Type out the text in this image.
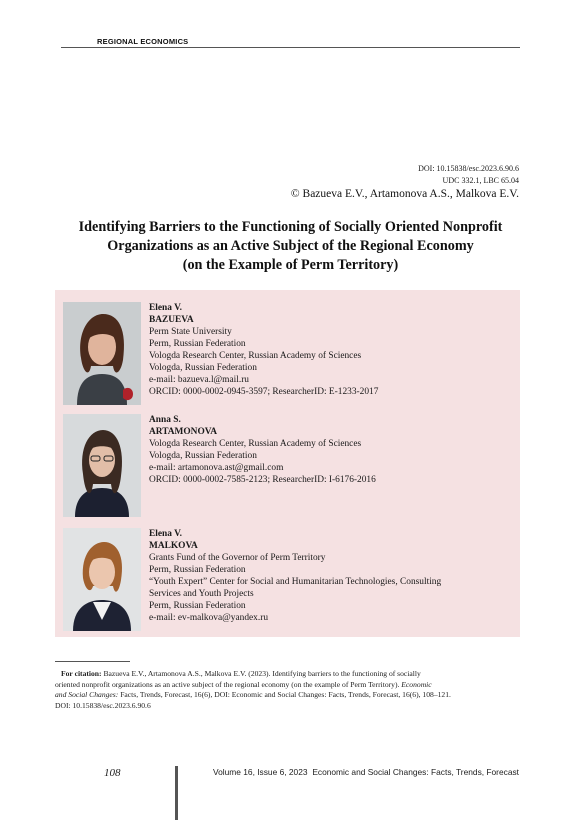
REGIONAL ECONOMICS
DOI: 10.15838/esc.2023.6.90.6
UDC 332.1, LBC 65.04
© Bazueva E.V., Artamonova A.S., Malkova E.V.
Identifying Barriers to the Functioning of Socially Oriented Nonprofit
Organizations as an Active Subject of the Regional Economy
(on the Example of Perm Territory)
Elena V.
BAZUEVA
Perm State University
Perm, Russian Federation
Vologda Research Center, Russian Academy of Sciences
Vologda, Russian Federation
e-mail: bazueva.l@mail.ru
ORCID: 0000-0002-0945-3597; ResearcherID: E-1233-2017
Anna S.
ARTAMONOVA
Vologda Research Center, Russian Academy of Sciences
Vologda, Russian Federation
e-mail: artamonova.ast@gmail.com
ORCID: 0000-0002-7585-2123; ResearcherID: I-6176-2016
Elena V.
MALKOVA
Grants Fund of the Governor of Perm Territory
Perm, Russian Federation
“Youth Expert” Center for Social and Humanitarian Technologies, Consulting
Services and Youth Projects
Perm, Russian Federation
e-mail: ev-malkova@yandex.ru
For citation: Bazueva E.V., Artamonova A.S., Malkova E.V. (2023). Identifying barriers to the functioning of socially
oriented nonprofit organizations as an active subject of the regional economy (on the example of Perm Territory). Economic
and Social Changes: Facts, Trends, Forecast, 16(6), DOI: Economic and Social Changes: Facts, Trends, Forecast, 16(6), 108–121.
DOI: 10.15838/esc.2023.6.90.6
108	Volume 16, Issue 6, 2023 Economic and Social Changes: Facts, Trends, Forecast
